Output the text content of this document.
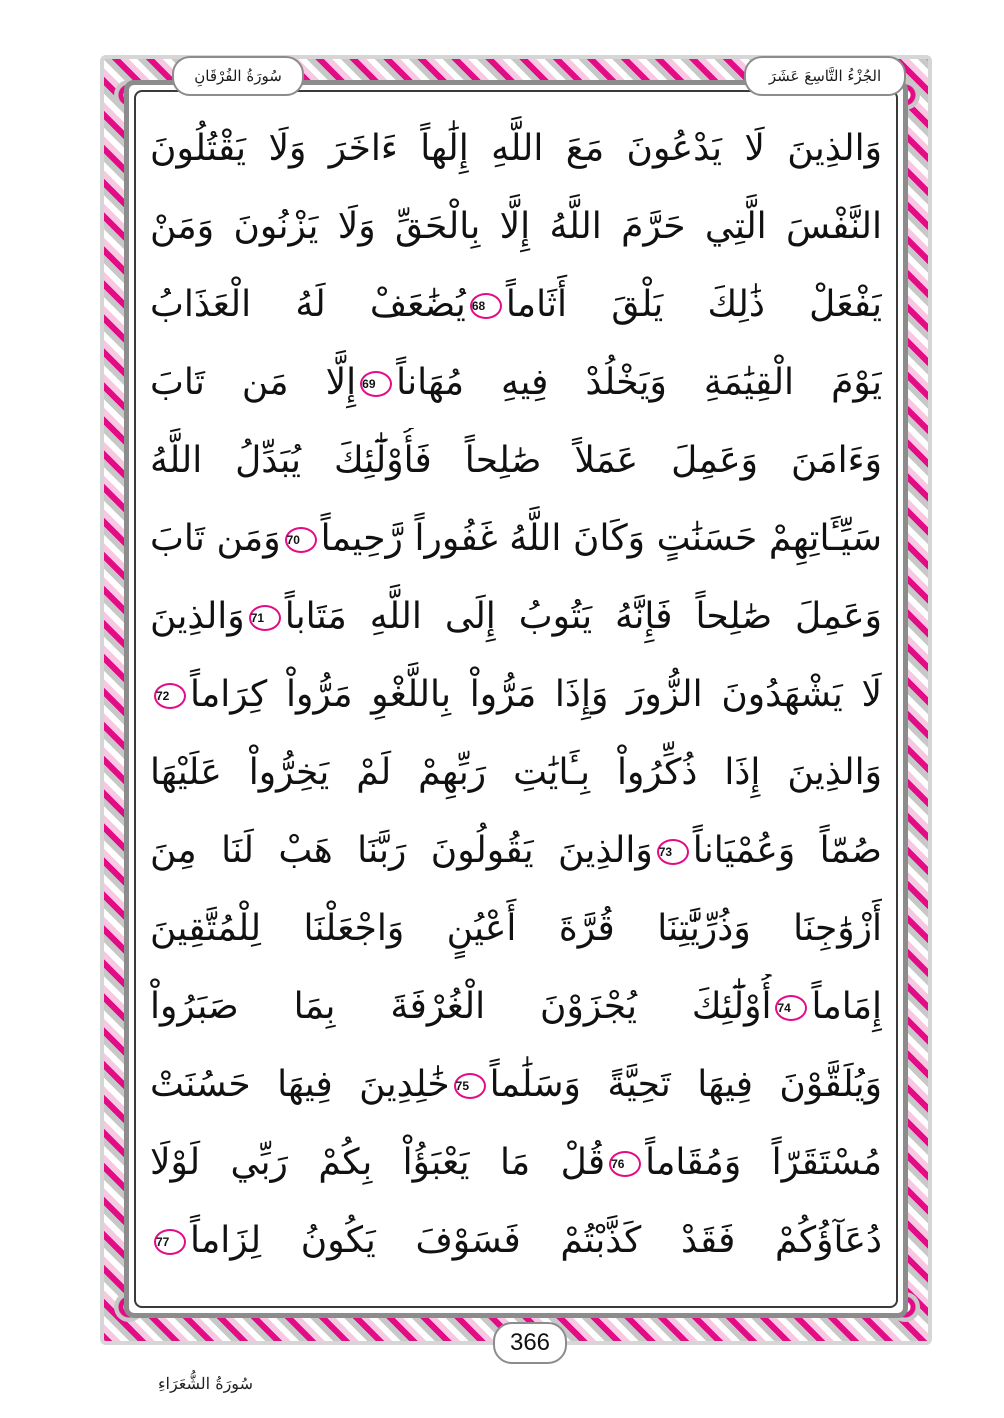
سُورَةُ الفُرْقَانِ	الجُزْءُ التَّاسِعَ عَشَرَ
وَالذِينَ لَا يَدْعُونَ مَعَ اللَّهِ إِلَٰهاً ءَاخَرَ وَلَا يَقْتُلُونَ
النَّفْسَ الَّتِي حَرَّمَ اللَّهُ إِلَّا بِالْحَقِّ وَلَا يَزْنُونَ وَمَنْ
يَفْعَلْ ذَٰلِكَ يَلْقَ أَثَاماً68يُضَٰعَفْ لَهُ الْعَذَابُ
يَوْمَ الْقِيَٰمَةِ وَيَخْلُدْ فِيهِ مُهَاناً69إِلَّا مَن تَابَ
وَءَامَنَ وَعَمِلَ عَمَلاً صَٰلِحاً فَأُوْلَٰٓئِكَ يُبَدِّلُ اللَّهُ
سَيِّـَٔاتِهِمْ حَسَنَٰتٍ وَكَانَ اللَّهُ غَفُوراً رَّحِيماً70وَمَن تَابَ
وَعَمِلَ صَٰلِحاً فَإِنَّهُ يَتُوبُ إِلَى اللَّهِ مَتَاباً71وَالذِينَ
لَا يَشْهَدُونَ الزُّورَ وَإِذَا مَرُّواْ بِاللَّغْوِ مَرُّواْ كِرَاماً72
وَالذِينَ إِذَا ذُكِّرُواْ بِـَٔايَٰتِ رَبِّهِمْ لَمْ يَخِرُّواْ عَلَيْهَا
صُمّاً وَعُمْيَاناً73وَالذِينَ يَقُولُونَ رَبَّنَا هَبْ لَنَا مِنَ
أَزْوَٰجِنَا وَذُرِّيَّٰتِنَا قُرَّةَ أَعْيُنٍ وَاجْعَلْنَا لِلْمُتَّقِينَ
إِمَاماً74أُوْلَٰٓئِكَ يُجْزَوْنَ الْغُرْفَةَ بِمَا صَبَرُواْ
وَيُلَقَّوْنَ فِيهَا تَحِيَّةً وَسَلَٰماً75خَٰلِدِينَ فِيهَا حَسُنَتْ
مُسْتَقَرّاً وَمُقَاماً76قُلْ مَا يَعْبَؤُاْ بِكُمْ رَبِّي لَوْلَا
دُعَآؤُكُمْ فَقَدْ كَذَّبْتُمْ فَسَوْفَ يَكُونُ لِزَاماً77
366
سُورَةُ الشُّعَرَاءِ
